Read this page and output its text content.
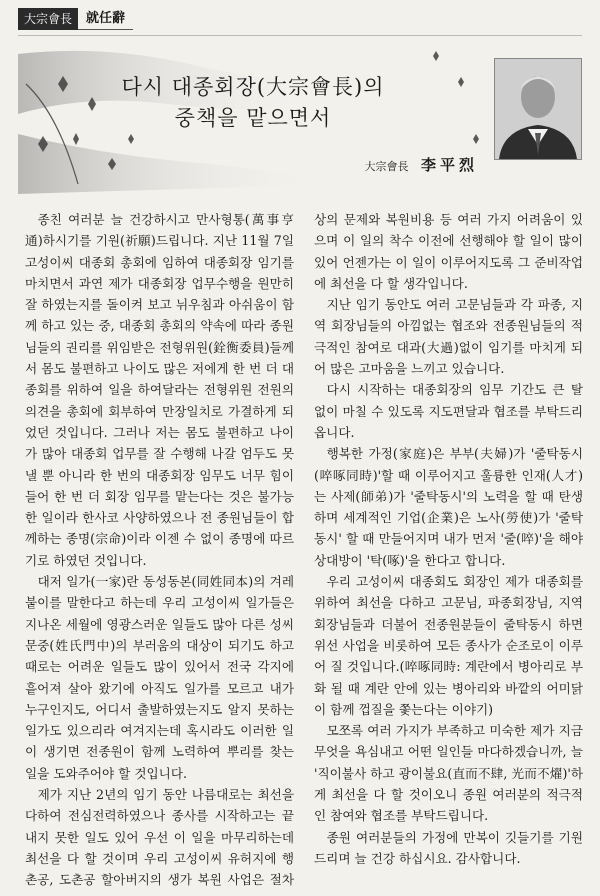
大宗會長	就任辭
다시 대종회장(大宗會長)의
중책을 맡으면서
大宗會長 李平烈

종친 여러분 늘 건강하시고 만사형통(萬事亨通)하시기를 기원(祈願)드립니다. 지난 11월 7일 고성이씨 대종회 총회에 임하여 대종회장 임기를 마치면서 과연 제가 대종회장 업무수행을 원만히 잘 하였는지를 돌이켜 보고 뉘우침과 아쉬움이 함께 하고 있는 중, 대종회 총회의 약속에 따라 종원님들의 권리를 위임받은 전형위원(銓衡委員)들께서 몸도 불편하고 나이도 많은 저에게 한 번 더 대종회를 위하여 일을 하여달라는 전형위원 전원의 의견을 총회에 회부하여 만장일치로 가결하게 되었던 것입니다. 그러나 저는 몸도 불편하고 나이가 많아 대종회 업무를 잘 수행해 나갈 엄두도 못 낼 뿐 아니라 한 번의 대종회장 임무도 너무 힘이 들어 한 번 더 회장 임무를 맡는다는 것은 불가능한 일이라 한사코 사양하였으나 전 종원님들이 합께하는 종명(宗命)이라 이젠 수 없이 종명에 따르기로 하였던 것입니다.

대저 일가(一家)란 동성동본(同姓同本)의 겨레붙이를 말한다고 하는데 우리 고성이씨 일가들은 지나온 세월에 영광스러운 일들도 많아 다른 성씨문중(姓氏門中)의 부러움의 대상이 되기도 하고 때로는 어려운 일들도 많이 있어서 전국 각지에 흩어져 살아 왔기에 아직도 일가를 모르고 내가 누구인지도, 어디서 출발하였는지도 알지 못하는 일가도 있으리라 여겨지는데 혹시라도 이러한 일이 생기면 전종원이 함께 노력하여 뿌리를 찾는 일을 도와주어야 할 것입니다.

제가 지난 2년의 임기 동안 나름대로는 최선을 다하여 전심전력하였으나 종사를 시작하고는 끝내지 못한 일도 있어 우선 이 일을 마무리하는데 최선을 다 할 것이며 우리 고성이씨 유허지에 행촌공, 도촌공 할아버지의 생가 복원 사업은 절차상의 문제와 복원비용 등 여러 가지 어려움이 있으며 이 일의 착수 이전에 선행해야 할 일이 많이 있어 언젠가는 이 일이 이루어지도록 그 준비작업에 최선을 다 할 생각입니다.

지난 임기 동안도 여러 고문님들과 각 파종, 지역 회장님들의 아낌없는 협조와 전종원님들의 적극적인 참여로 대과(大過)없이 임기를 마치게 되어 많은 고마움을 느끼고 있습니다.

다시 시작하는 대종회장의 임무 기간도 큰 탈 없이 마칠 수 있도록 지도편달과 협조를 부탁드리옵니다.

행복한 가정(家庭)은 부부(夫婦)가 '줄탁동시(啐啄同時)'할 때 이루어지고 훌륭한 인재(人才)는 사제(師弟)가 '줄탁동시'의 노력을 할 때 탄생하며 세계적인 기업(企業)은 노사(勞使)가 '줄탁동시' 할 때 만들어지며 내가 먼저 '줄(啐)'을 해야 상대방이 '탁(啄)'을 한다고 합니다.

우리 고성이씨 대종회도 회장인 제가 대종회를 위하여 최선을 다하고 고문님, 파종회장님, 지역회장님들과 더불어 전종원분들이 줄탁동시 하면 위선 사업을 비롯하여 모든 종사가 순조로이 이루어 질 것입니다.(啐啄同時: 계란에서 병아리로 부화 될 때 계란 안에 있는 병아리와 바깥의 어미닭이 함께 껍질을 쫓는다는 이야기)

모쪼록 여러 가지가 부족하고 미숙한 제가 지금 무엇을 욕심내고 어떤 일인들 마다하겠습니까, 늘 '직이불사 하고 광이불요(直而不肆, 光而不燿)'하게 최선을 다 할 것이오니 종원 여러분의 적극적인 참여와 협조를 부탁드립니다.

종원 여러분들의 가정에 만복이 깃들기를 기원 드리며 늘 건강 하십시요. 감사합니다.
